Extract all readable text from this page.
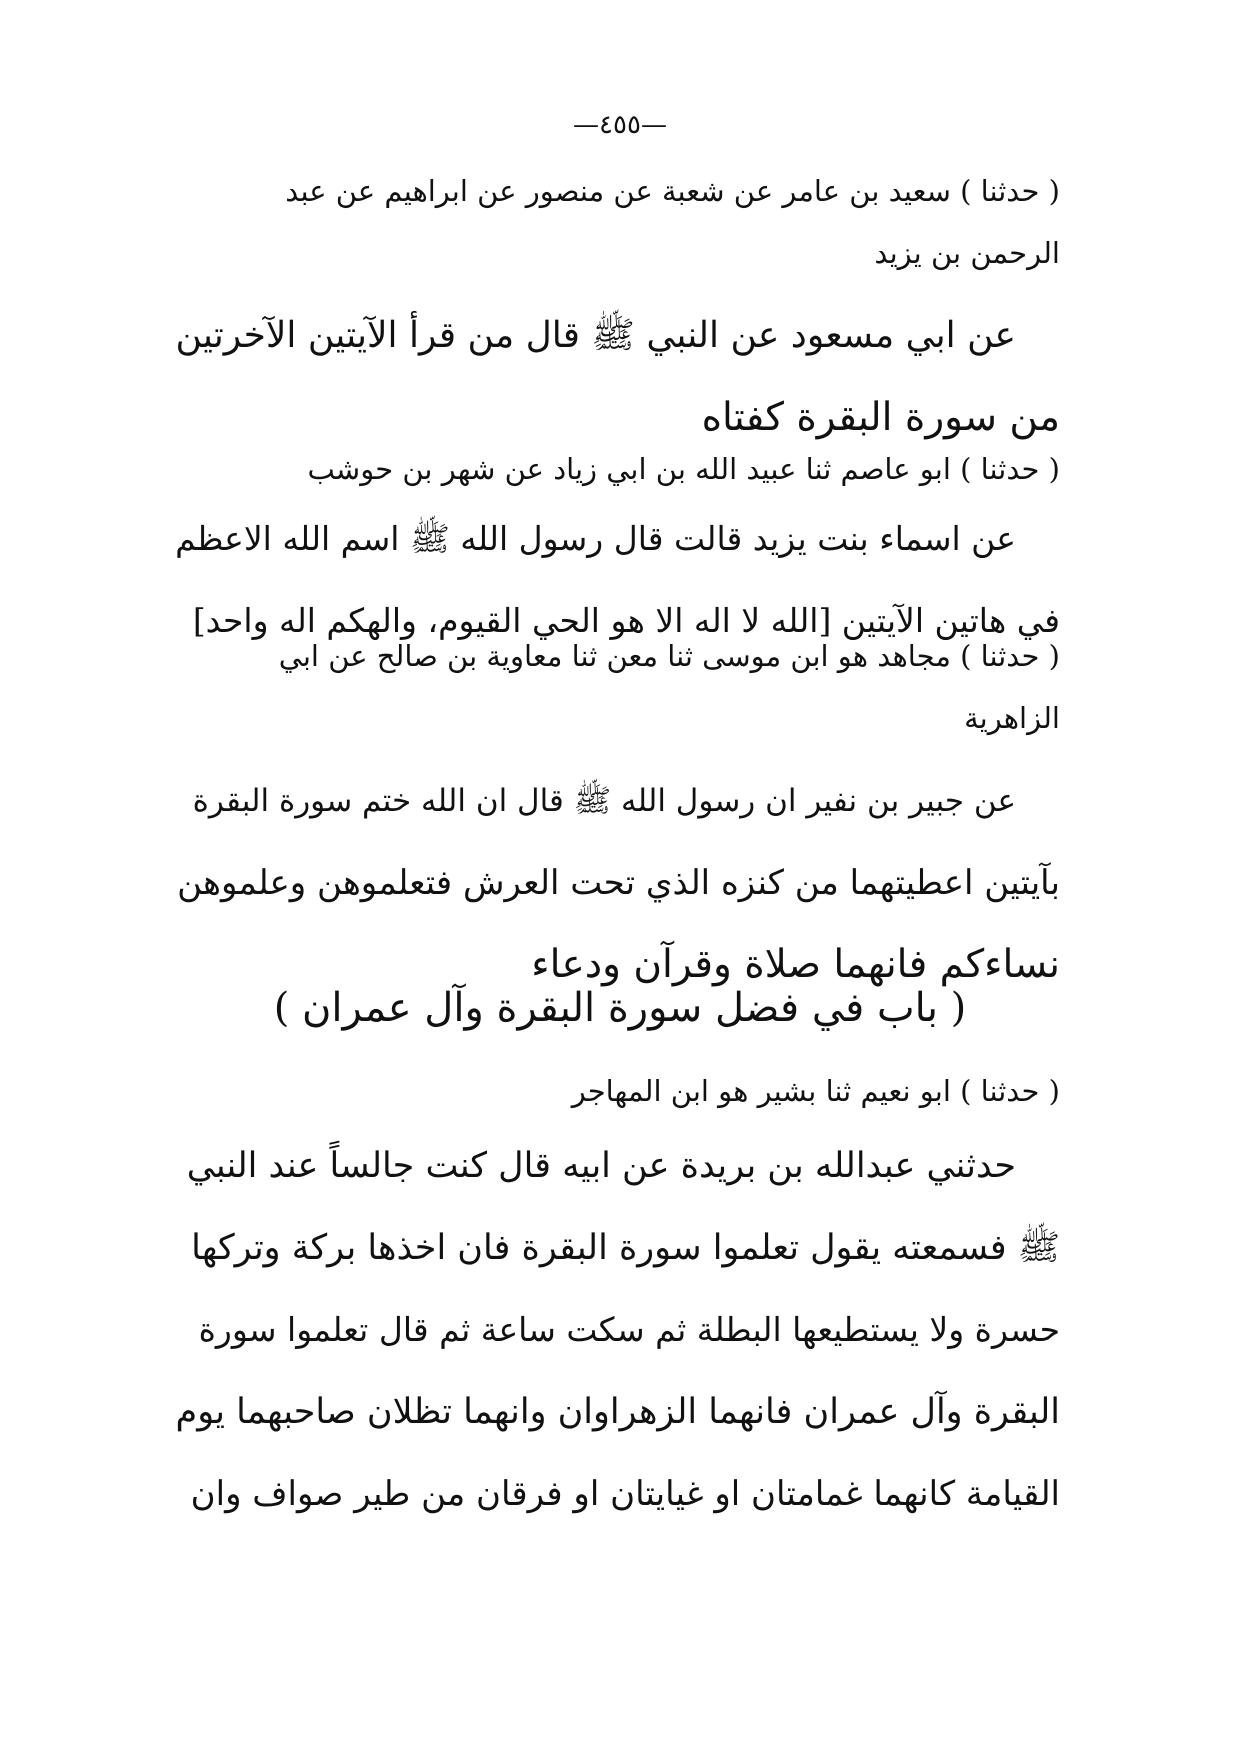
—٤٥٥—
( حدثنا ) سعيد بن عامر عن شعبة عن منصور عن ابراهيم عن عبد
الرحمن بن يزيد
عن ابي مسعود عن النبي ﷺ قال من قرأ الآيتين الآخرتين
من سورة البقرة كفتاه
( حدثنا ) ابو عاصم ثنا عبيد الله بن ابي زياد عن شهر بن حوشب
عن اسماء بنت يزيد قالت قال رسول الله ﷺ اسم الله الاعظم
في هاتين الآيتين [الله لا اله الا هو الحي القيوم، والهكم اله واحد]
( حدثنا ) مجاهد هو ابن موسى ثنا معن ثنا معاوية بن صالح عن ابي
الزاهرية
عن جبير بن نفير ان رسول الله ﷺ قال ان الله ختم سورة البقرة
بآيتين اعطيتهما من كنزه الذي تحت العرش فتعلموهن وعلموهن
نساءكم فانهما صلاة وقرآن ودعاء
( باب في فضل سورة البقرة وآل عمران )
( حدثنا ) ابو نعيم ثنا بشير هو ابن المهاجر
حدثني عبدالله بن بريدة عن ابيه قال كنت جالساً عند النبي
ﷺ فسمعته يقول تعلموا سورة البقرة فان اخذها بركة وتركها
حسرة ولا يستطيعها البطلة ثم سكت ساعة ثم قال تعلموا سورة
البقرة وآل عمران فانهما الزهراوان وانهما تظلان صاحبهما يوم
القيامة كانهما غمامتان او غيايتان او فرقان من طير صواف وان
